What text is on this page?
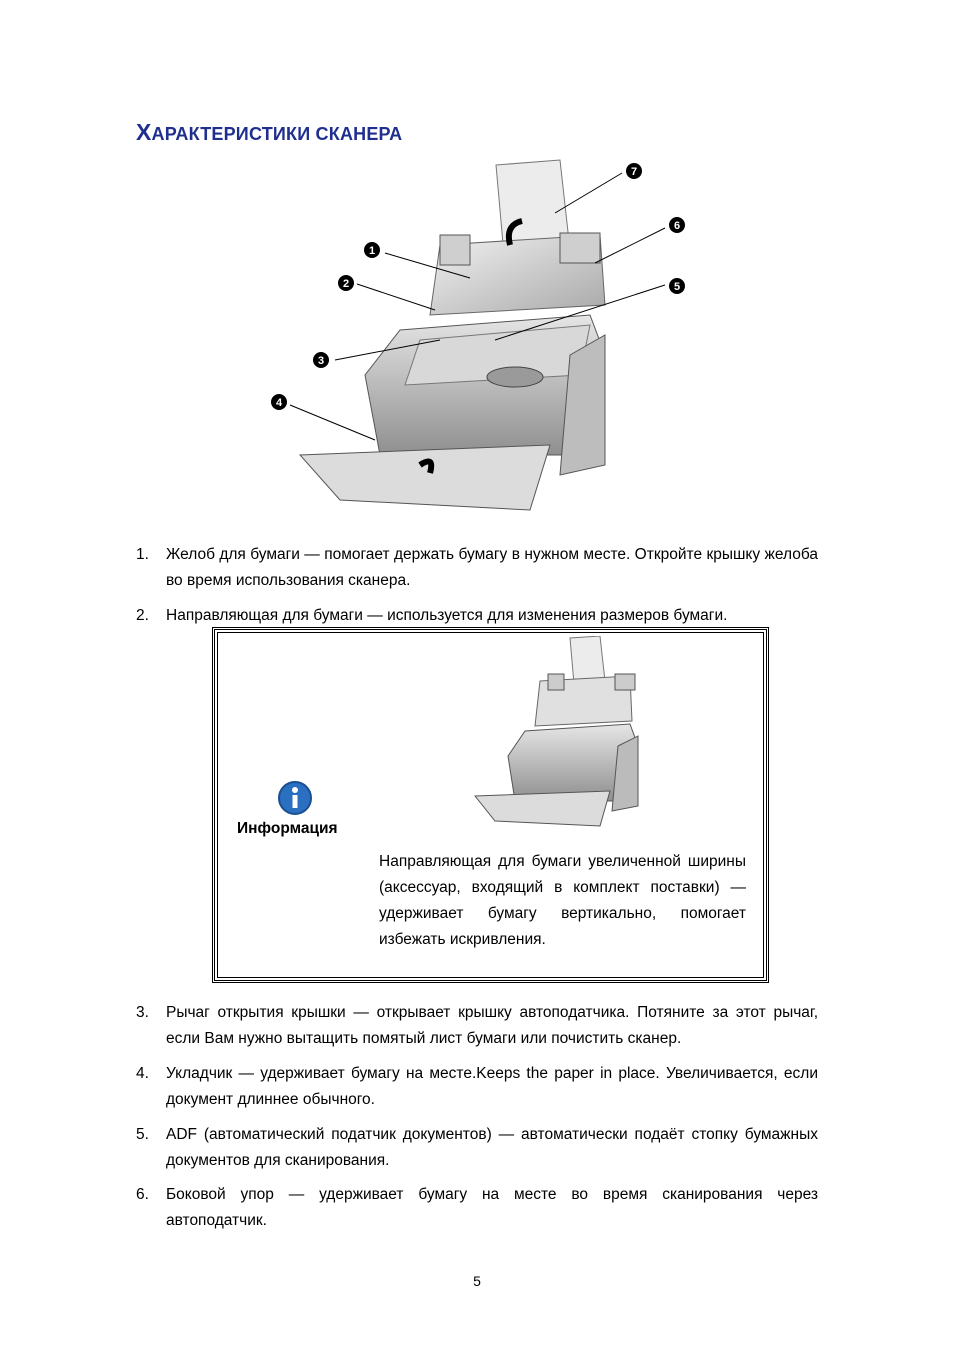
ХАРАКТЕРИСТИКИ СКАНЕРА
1
2
3
4
5
6
7
1. Желоб для бумаги — помогает держать бумагу в нужном месте. Откройте крышку желоба во время использования сканера.
2. Направляющая для бумаги — используется для изменения размеров бумаги.
Информация
Направляющая для бумаги увеличенной ширины (аксессуар, входящий в комплект поставки) — удерживает бумагу вертикально, помогает избежать искривления.
3. Рычаг открытия крышки — открывает крышку автоподатчика. Потяните за этот рычаг, если Вам нужно вытащить помятый лист бумаги или почистить сканер.
4. Укладчик — удерживает бумагу на месте.Keeps the paper in place. Увеличивается, если документ длиннее обычного.
5. ADF (автоматический податчик документов) — автоматически подаёт стопку бумажных документов для сканирования.
6. Боковой упор — удерживает бумагу на месте во время сканирования через автоподатчик.
5
